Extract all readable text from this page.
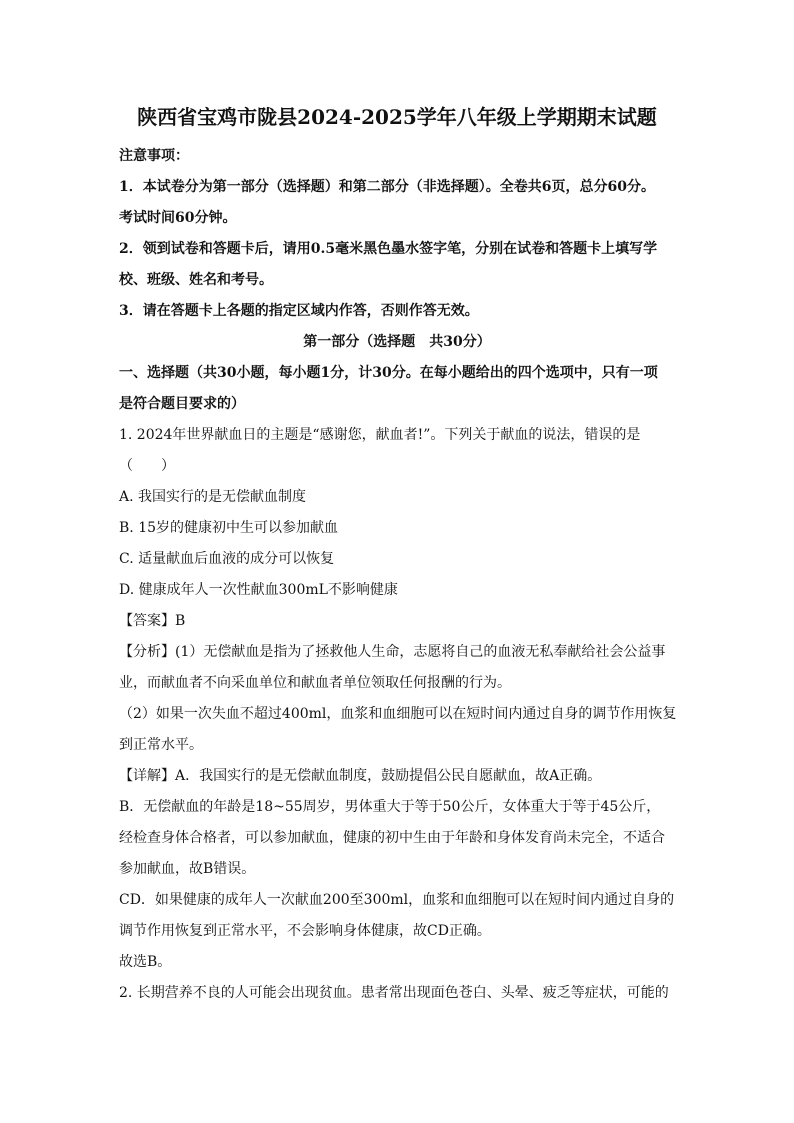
陕西省宝鸡市陇县2024-2025学年八年级上学期期末试题
注意事项：
1．本试卷分为第一部分（选择题）和第二部分（非选择题）。全卷共6页，总分60分。
考试时间60分钟。
2．领到试卷和答题卡后，请用0.5毫米黑色墨水签字笔，分别在试卷和答题卡上填写学
校、班级、姓名和考号。
3．请在答题卡上各题的指定区域内作答，否则作答无效。
第一部分（选择题　共30分）
一、选择题（共30小题，每小题1分，计30分。在每小题给出的四个选项中，只有一项
是符合题目要求的）
1. 2024年世界献血日的主题是“感谢您，献血者!”。下列关于献血的说法，错误的是
（　　）
A. 我国实行的是无偿献血制度
B. 15岁的健康初中生可以参加献血
C. 适量献血后血液的成分可以恢复
D. 健康成年人一次性献血300mL不影响健康
【答案】B
【分析】(1）无偿献血是指为了拯救他人生命，志愿将自己的血液无私奉献给社会公益事
业，而献血者不向采血单位和献血者单位领取任何报酬的行为。
（2）如果一次失血不超过400ml，血浆和血细胞可以在短时间内通过自身的调节作用恢复
到正常水平。
【详解】A．我国实行的是无偿献血制度，鼓励提倡公民自愿献血，故A正确。
B．无偿献血的年龄是18~55周岁，男体重大于等于50公斤，女体重大于等于45公斤，
经检查身体合格者，可以参加献血，健康的初中生由于年龄和身体发育尚未完全，不适合
参加献血，故B错误。
CD．如果健康的成年人一次献血200至300ml，血浆和血细胞可以在短时间内通过自身的
调节作用恢复到正常水平，不会影响身体健康，故CD正确。
故选B。
2. 长期营养不良的人可能会出现贫血。患者常出现面色苍白、头晕、疲乏等症状，可能的
